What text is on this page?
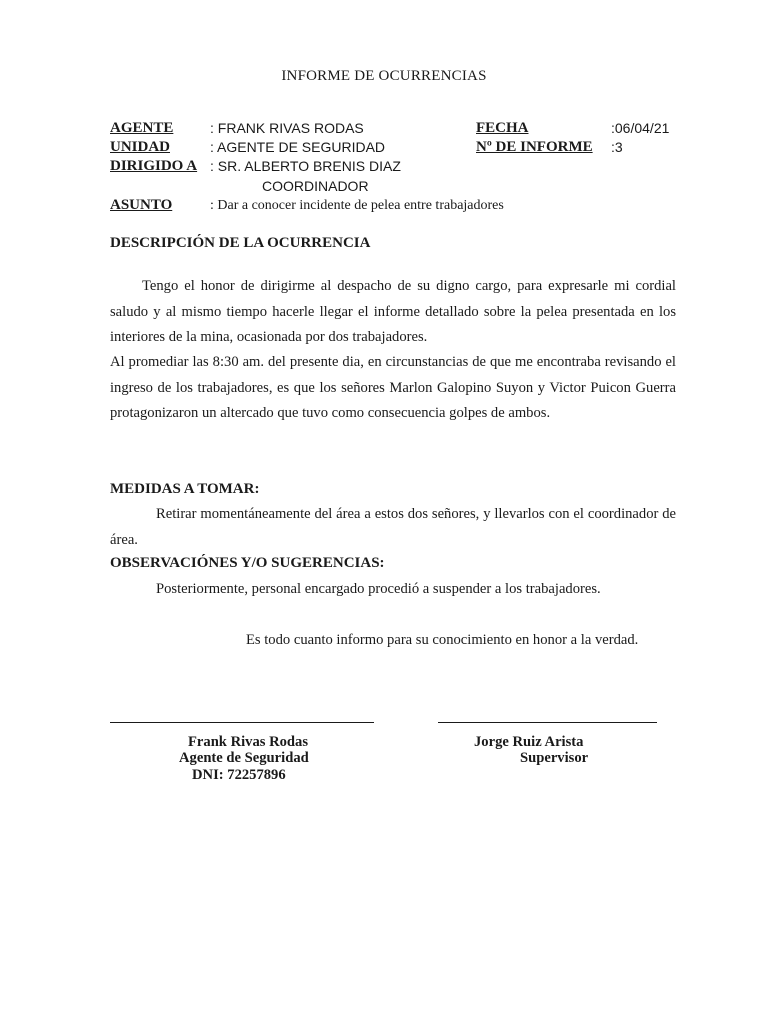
INFORME DE OCURRENCIAS
AGENTE	: FRANK RIVAS RODAS
UNIDAD	: AGENTE DE SEGURIDAD
DIRIGIDO A : SR. ALBERTO BRENIS DIAZ
COORDINADOR
ASUNTO	: Dar a conocer incidente de pelea entre trabajadores
FECHA	:06/04/21
Nº DE INFORME :3
DESCRIPCIÓN DE LA OCURRENCIA

Tengo el honor de dirigirme al despacho de su digno cargo, para expresarle mi cordial saludo y al mismo tiempo hacerle llegar el informe detallado sobre la pelea presentada en los interiores de la mina, ocasionada por dos trabajadores.

Al promediar las 8:30 am. del presente dia, en circunstancias de que me encontraba revisando el ingreso de los trabajadores, es que los señores Marlon Galopino Suyon y Victor Puicon Guerra protagonizaron un altercado que tuvo como consecuencia golpes de ambos.

MEDIDAS A TOMAR:

Retirar momentáneamente del área a estos dos señores, y llevarlos con el coordinador de área.

OBSERVACIÓNES Y/O SUGERENCIAS:

Posteriormente, personal encargado procedió a suspender a los trabajadores.

Es todo cuanto informo para su conocimiento en honor a la verdad.

Frank Rivas Rodas
Agente de Seguridad
DNI: 72257896
Jorge Ruiz Arista
Supervisor
